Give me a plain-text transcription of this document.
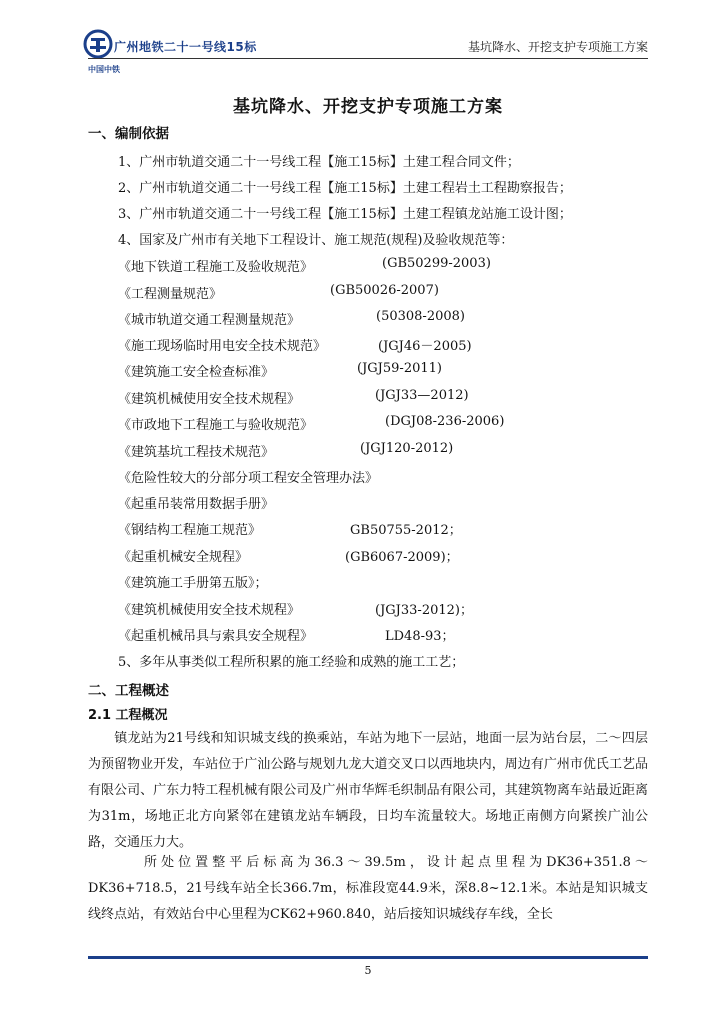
广州地铁二十一号线15标	基坑降水、开挖支护专项施工方案
中国中铁
基坑降水、开挖支护专项施工方案
一、编制依据
1、广州市轨道交通二十一号线工程【施工15标】土建工程合同文件；
2、广州市轨道交通二十一号线工程【施工15标】土建工程岩土工程勘察报告；
3、广州市轨道交通二十一号线工程【施工15标】土建工程镇龙站施工设计图；
4、国家及广州市有关地下工程设计、施工规范(规程)及验收规范等：
《地下铁道工程施工及验收规范》	(GB50299-2003)
《工程测量规范》	(GB50026-2007)
《城市轨道交通工程测量规范》	(50308-2008)
《施工现场临时用电安全技术规范》	(JGJ46－2005)
《建筑施工安全检查标准》	(JGJ59-2011)
《建筑机械使用安全技术规程》	(JGJ33—2012)
《市政地下工程施工与验收规范》	(DGJ08-236-2006)
《建筑基坑工程技术规范》	(JGJ120-2012)
《危险性较大的分部分项工程安全管理办法》
《起重吊装常用数据手册》
《钢结构工程施工规范》	GB50755-2012；
《起重机械安全规程》	(GB6067-2009)；
《建筑施工手册第五版》；
《建筑机械使用安全技术规程》	(JGJ33-2012)；
《起重机械吊具与索具安全规程》	LD48-93；
5、多年从事类似工程所积累的施工经验和成熟的施工工艺；
二、工程概述
2.1 工程概况

镇龙站为21号线和知识城支线的换乘站，车站为地下一层站，地面一层为站台层，二～四层为预留物业开发，车站位于广汕公路与规划九龙大道交叉口以西地块内，周边有广州市优氏工艺品有限公司、广东力特工程机械有限公司及广州市华辉毛织制品有限公司，其建筑物离车站最近距离为31m，场地正北方向紧邻在建镇龙站车辆段，日均车流量较大。场地正南侧方向紧挨广汕公路，交通压力大。

所处位置整平后标高为36.3～39.5m，设计起点里程为DK36+351.8～DK36+718.5，21号线车站全长366.7m，标准段宽44.9米，深8.8~12.1米。本站是知识城支线终点站，有效站台中心里程为CK62+960.840，站后接知识城线存车线，全长

5
